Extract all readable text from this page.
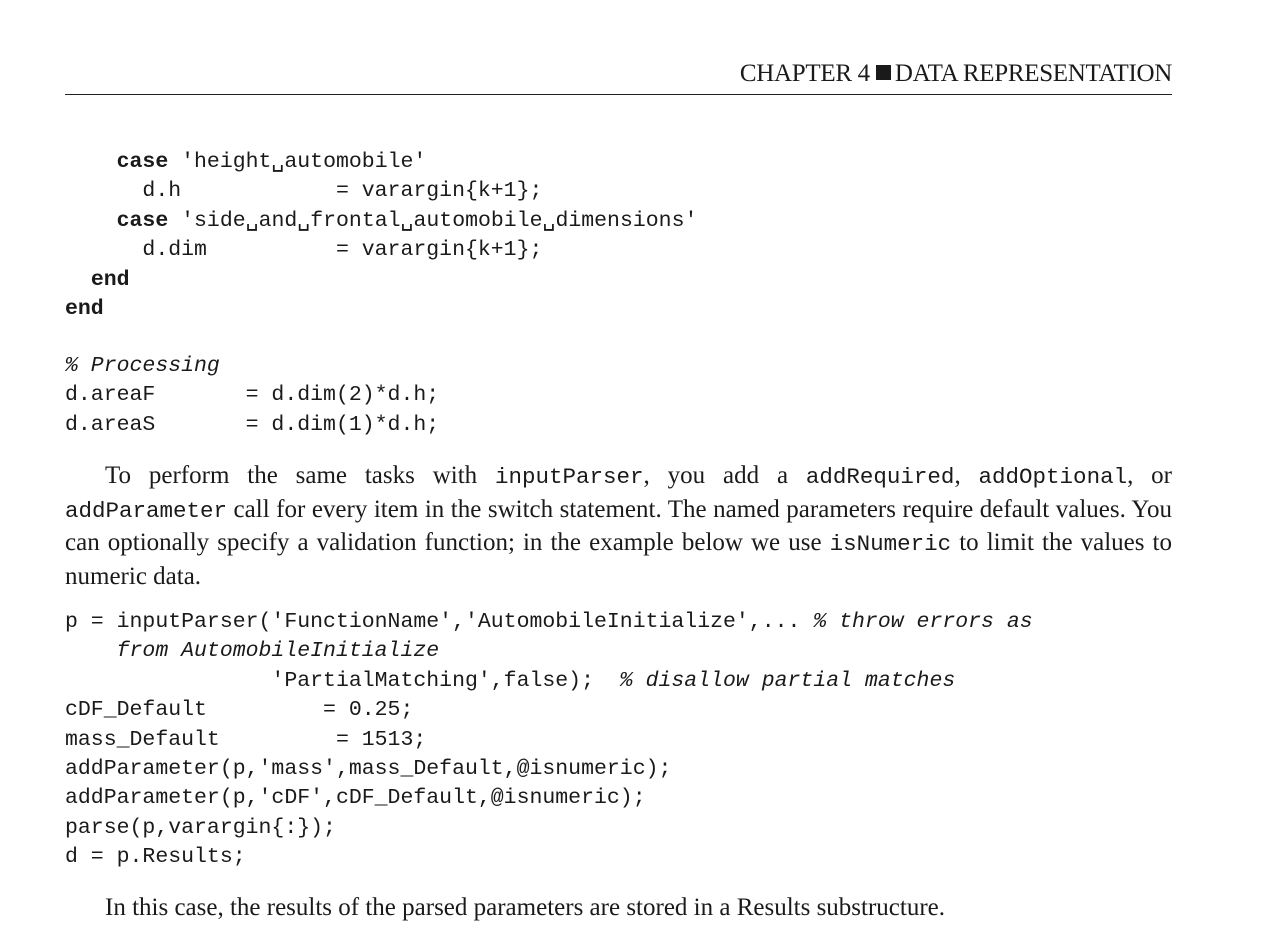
CHAPTER 4 DATA REPRESENTATION
case 'height␣automobile'
d.h            = varargin{k+1};
case 'side␣and␣frontal␣automobile␣dimensions'
d.dim          = varargin{k+1};
end
end
% Processing
d.areaF       = d.dim(2)*d.h;
d.areaS       = d.dim(1)*d.h;

To perform the same tasks with inputParser, you add a addRequired, addOptional, or addParameter call for every item in the switch statement. The named parameters require default values. You can optionally specify a validation function; in the example below we use isNumeric to limit the values to numeric data.

p = inputParser('FunctionName','AutomobileInitialize',... % throw errors as
from AutomobileInitialize
'PartialMatching',false);  % disallow partial matches
cDF_Default         = 0.25;
mass_Default         = 1513;
addParameter(p,'mass',mass_Default,@isnumeric);
addParameter(p,'cDF',cDF_Default,@isnumeric);
parse(p,varargin{:});
d = p.Results;

In this case, the results of the parsed parameters are stored in a Results substructure.
